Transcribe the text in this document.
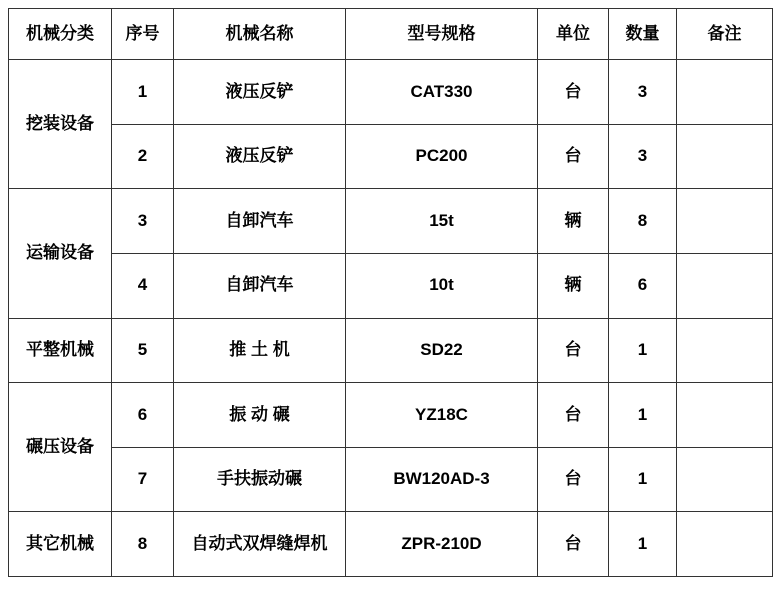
机械分类	序号	机械名称	型号规格	单位	数量	备注
挖装设备	1	液压反铲	CAT330	台	3	
	2	液压反铲	PC200	台	3	
运输设备	3	自卸汽车	15t	辆	8	
	4	自卸汽车	10t	辆	6	
平整机械	5	推 土 机	SD22	台	1	
碾压设备	6	振 动 碾	YZ18C	台	1	
	7	手扶振动碾	BW120AD-3	台	1	
其它机械	8	自动式双焊缝焊机	ZPR-210D	台	1	
